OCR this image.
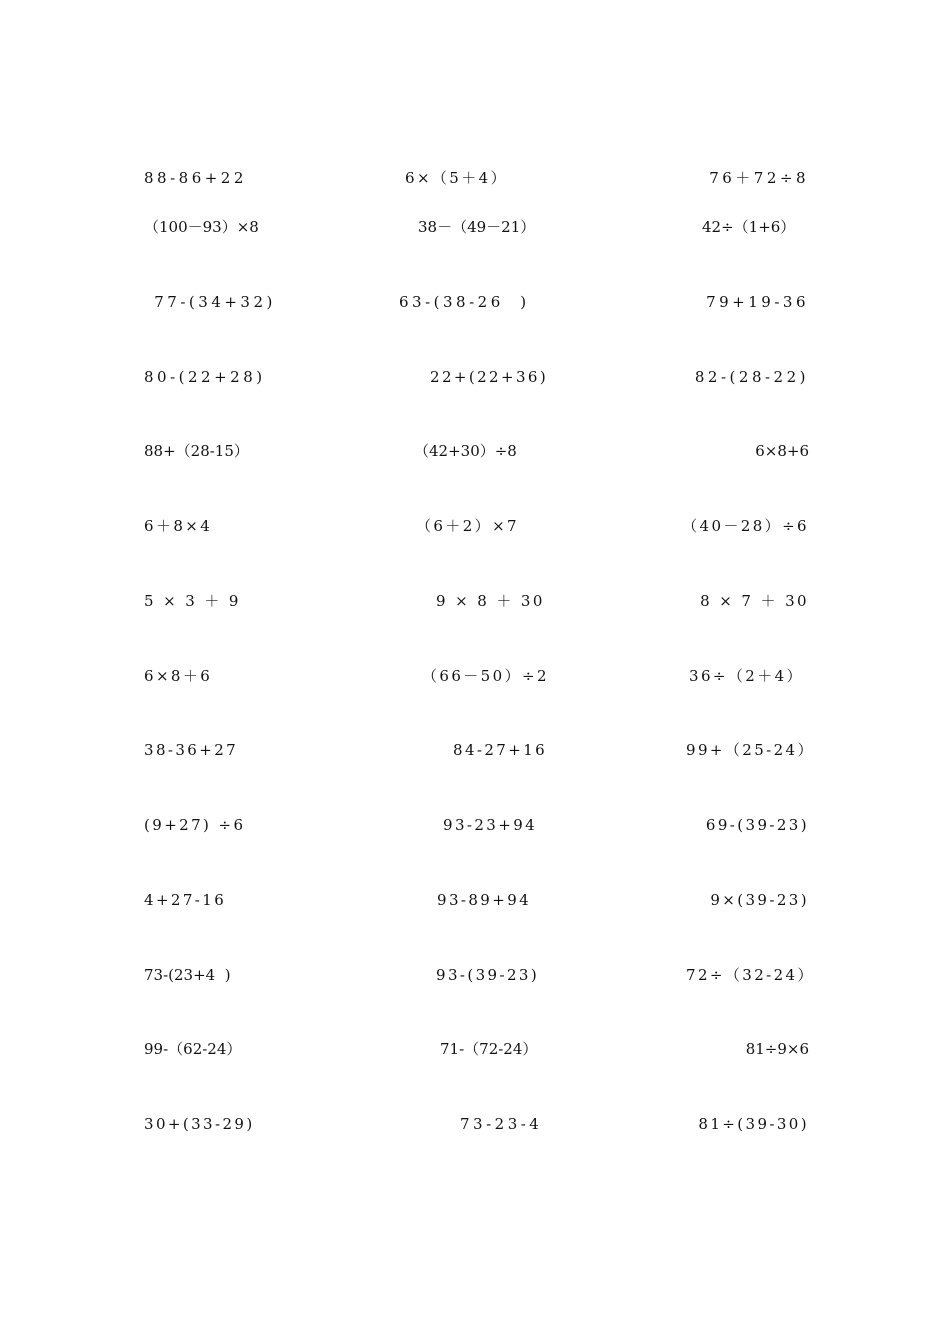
88-86+22	6×（5＋4）	76＋72÷8
（100－93）×8	38－（49－21）	42÷（1+6）
77-(34+32)	63-(38-26  )	79+19-36
80-(22+28)	22+(22+36)	82-(28-22)
88+（28-15）	（42+30）÷8	6×8+6
6＋8×4	（6＋2）×7	（40－28）÷6
5 × 3 ＋ 9	9 × 8 ＋ 30	8 × 7 ＋ 30
6×8＋6	（66－50）÷2	36÷（2＋4）
38-36+27	84-27+16	99+（25-24）
(9+27) ÷6	93-23+94	69-(39-23)
4+27-16	93-89+94	9×(39-23)
73-(23+4  )	93-(39-23)	72÷（32-24）
99-（62-24）	71-（72-24）	81÷9×6
30+(33-29)	73-23-4	81÷(39-30)
